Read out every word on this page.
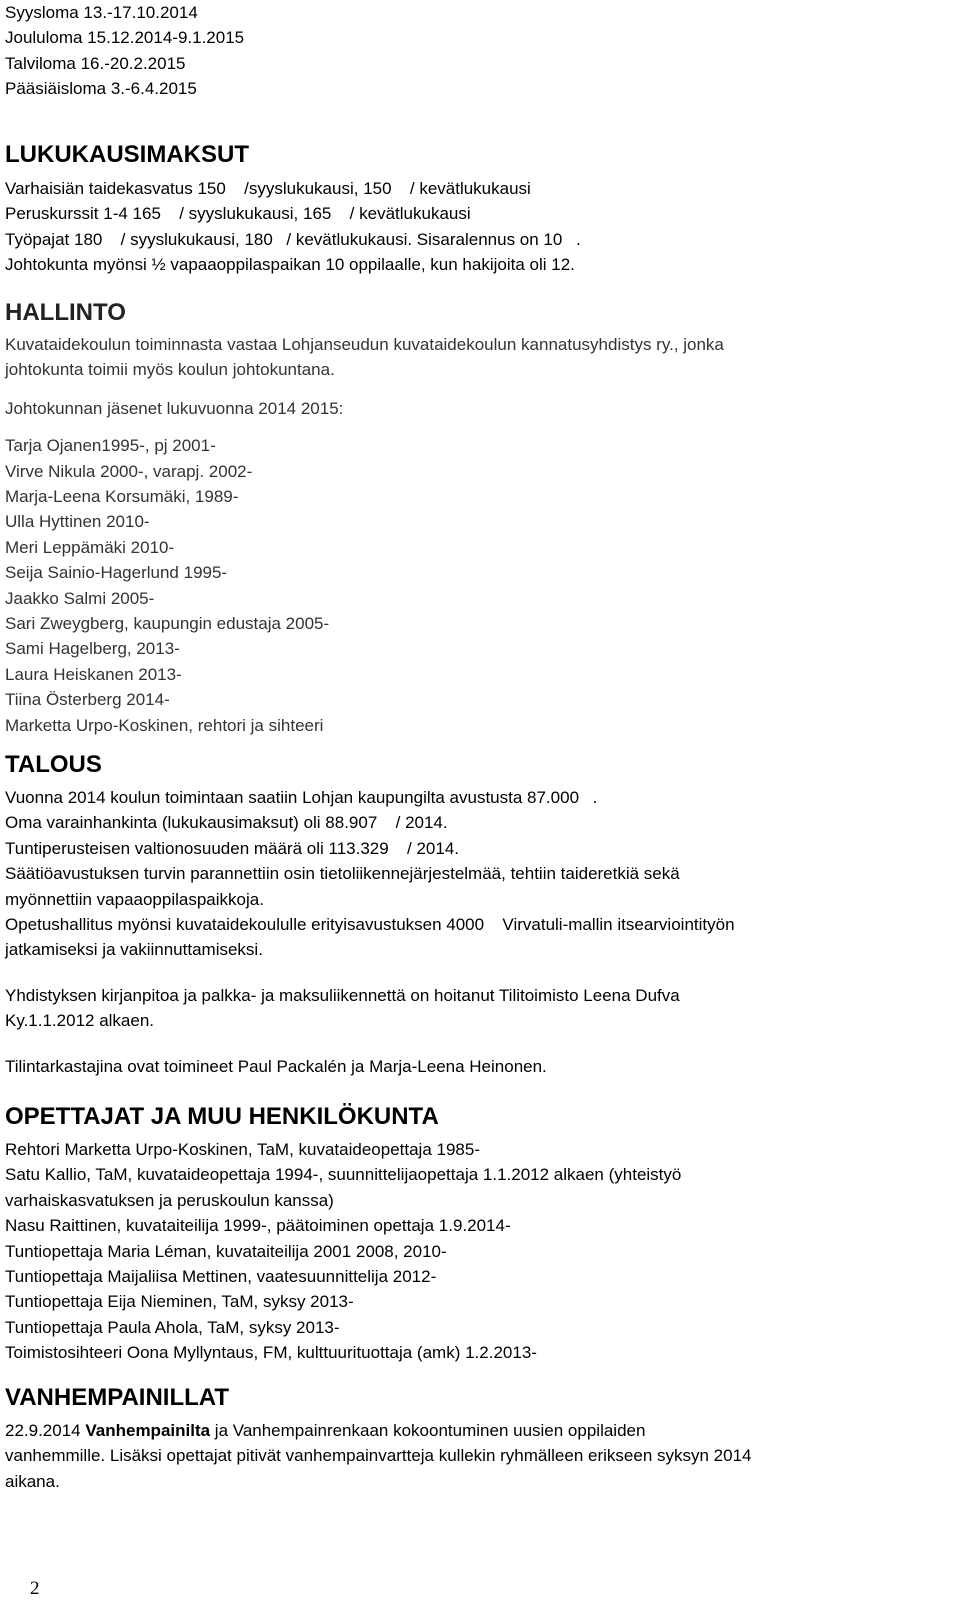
Syysloma 13.-17.10.2014

Joululoma 15.12.2014-9.1.2015

Talviloma 16.-20.2.2015

Pääsiäisloma 3.-6.4.2015

LUKUKAUSIMAKSUT

Varhaisiän taidekasvatus 150 /syyslukukausi, 150 / kevätlukukausi

Peruskurssit 1-4 165 / syyslukukausi, 165 / kevätlukukausi

Työpajat 180 / syyslukukausi, 180/ kevätlukukausi. Sisaralennus on 10.

Johtokunta myönsi ½ vapaaoppilaspaikan 10 oppilaalle, kun hakijoita oli 12.

HALLINTO

Kuvataidekoulun toiminnasta vastaa Lohjanseudun kuvataidekoulun kannatusyhdistys ry., jonka

johtokunta toimii myös koulun johtokuntana.

Johtokunnan jäsenet lukuvuonna 2014 2015:

Tarja Ojanen1995-, pj 2001-

Virve Nikula 2000-, varapj. 2002-

Marja-Leena Korsumäki, 1989-

Ulla Hyttinen 2010-

Meri Leppämäki 2010-

Seija Sainio-Hagerlund 1995-

Jaakko Salmi 2005-

Sari Zweygberg, kaupungin edustaja 2005-

Sami Hagelberg, 2013-

Laura Heiskanen 2013-

Tiina Österberg 2014-

Marketta Urpo-Koskinen, rehtori ja sihteeri

TALOUS

Vuonna 2014 koulun toimintaan saatiin Lohjan kaupungilta avustusta 87.000.

Oma varainhankinta (lukukausimaksut) oli 88.907 / 2014.

Tuntiperusteisen valtionosuuden määrä oli 113.329 / 2014.

Säätiöavustuksen turvin parannettiin osin tietoliikennejärjestelmää, tehtiin taideretkiä sekä

myönnettiin vapaaoppilaspaikkoja.

Opetushallitus myönsi kuvataidekoululle erityisavustuksen 4000 Virvatuli-mallin itsearviointityön

jatkamiseksi ja vakiinnuttamiseksi.

Yhdistyksen kirjanpitoa ja palkka- ja maksuliikennettä on hoitanut Tilitoimisto Leena Dufva

Ky.1.1.2012 alkaen.

Tilintarkastajina ovat toimineet Paul Packalén ja Marja-Leena Heinonen.

OPETTAJAT JA MUU HENKILÖKUNTA

Rehtori Marketta Urpo-Koskinen, TaM, kuvataideopettaja 1985-

Satu Kallio, TaM, kuvataideopettaja 1994-, suunnittelijaopettaja 1.1.2012 alkaen (yhteistyö

varhaiskasvatuksen ja peruskoulun kanssa)

Nasu Raittinen, kuvataiteilija 1999-, päätoiminen opettaja 1.9.2014-

Tuntiopettaja Maria Léman, kuvataiteilija 2001 2008, 2010-

Tuntiopettaja Maijaliisa Mettinen, vaatesuunnittelija 2012-

Tuntiopettaja Eija Nieminen, TaM, syksy 2013-

Tuntiopettaja Paula Ahola, TaM, syksy 2013-

Toimistosihteeri Oona Myllyntaus, FM, kulttuurituottaja (amk) 1.2.2013-

VANHEMPAINILLAT

22.9.2014 Vanhempainilta ja Vanhempainrenkaan kokoontuminen uusien oppilaiden

vanhemmille. Lisäksi opettajat pitivät vanhempainvartteja kullekin ryhmälleen erikseen syksyn 2014

aikana.

2
